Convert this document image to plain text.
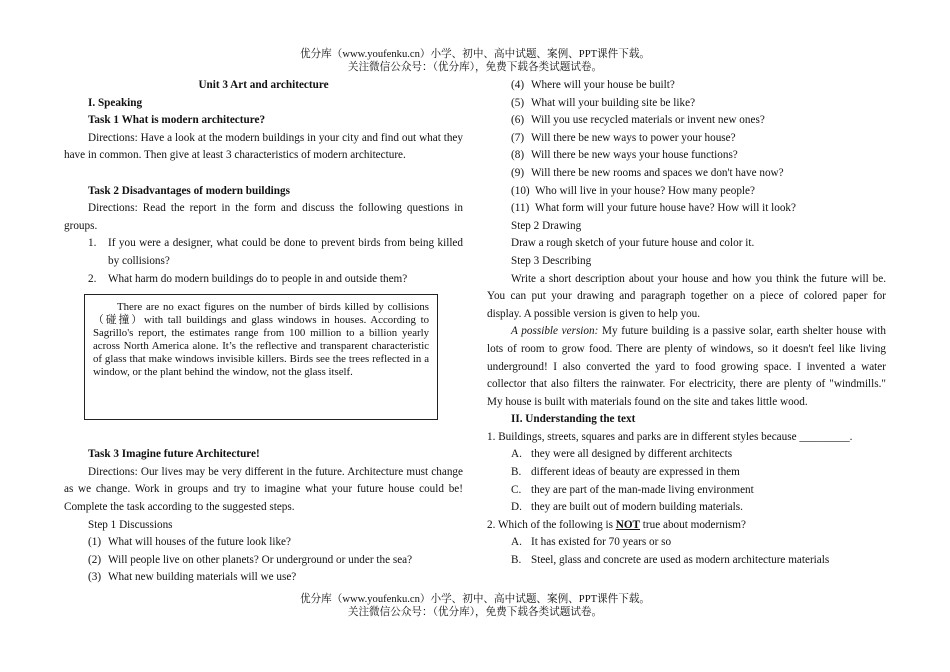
优分库（www.youfenku.cn）小学、初中、高中试题、案例、PPT课件下载。
关注微信公众号：（优分库），免费下载各类试题试卷。

Unit 3 Art and architecture

I. Speaking

Task 1 What is modern architecture?

Directions: Have a look at the modern buildings in your city and find out what they have in common. Then give at least 3 characteristics of modern architecture.

Task 2 Disadvantages of modern buildings

Directions: Read the report in the form and discuss the following questions in groups.

1.	If you were a designer, what could be done to prevent birds from being killed by collisions?
2.	What harm do modern buildings do to people in and outside them?

There are no exact figures on the number of birds killed by collisions（碰撞）with tall buildings and glass windows in houses. According to Sagrillo's report, the estimates range from 100 million to a billion yearly across North America alone. It’s the reflective and transparent characteristic of glass that make windows invisible killers. Birds see the trees reflected in a window, or the plant behind the window, not the glass itself.

Task 3 Imagine future Architecture!

Directions: Our lives may be very different in the future. Architecture must change as we change. Work in groups and try to imagine what your future house could be! Complete the task according to the suggested steps.

Step 1 Discussions

(1) What will houses of the future look like?
(2) Will people live on other planets? Or underground or under the sea?
(3) What new building materials will we use?
(4) Where will your house be built?
(5) What will your building site be like?
(6) Will you use recycled materials or invent new ones?
(7) Will there be new ways to power your house?
(8) Will there be new ways your house functions?
(9) Will there be new rooms and spaces we don't have now?
(10) Who will live in your house? How many people?
(11) What form will your future house have? How will it look?

Step 2 Drawing

Draw a rough sketch of your future house and color it.

Step 3 Describing

Write a short description about your house and how you think the future will be. You can put your drawing and paragraph together on a piece of colored paper for display. A possible version is given to help you.

A possible version: My future building is a passive solar, earth shelter house with lots of room to grow food. There are plenty of windows, so it doesn't feel like living underground! I also converted the yard to food growing space. I invented a water collector that also filters the rainwater. For electricity, there are plenty of "windmills." My house is built with materials found on the site and takes little wood.

II. Understanding the text

1. Buildings, streets, squares and parks are in different styles because _________.

A. they were all designed by different architects
B. different ideas of beauty are expressed in them
C. they are part of the man-made living environment
D. they are built out of modern building materials.

2. Which of the following is NOT true about modernism?

A. It has existed for 70 years or so
B. Steel, glass and concrete are used as modern architecture materials
优分库（www.youfenku.cn）小学、初中、高中试题、案例、PPT课件下载。
关注微信公众号：（优分库），免费下载各类试题试卷。
